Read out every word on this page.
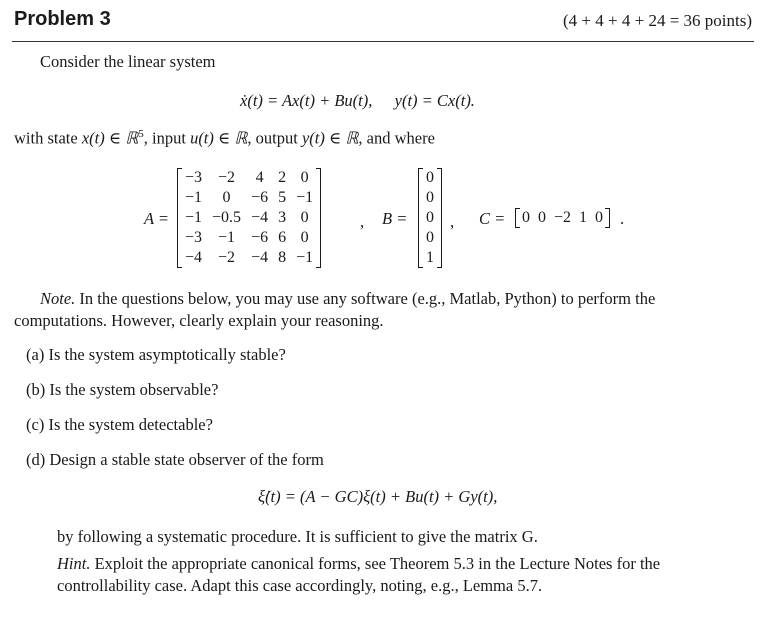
Problem 3	(4 + 4 + 4 + 24 = 36 points)
Consider the linear system
ẋ(t) = Ax(t) + Bu(t), y(t) = Cx(t).
with state x(t) ∈ ℝ$^5$, input u(t) ∈ ℝ, output y(t) ∈ ℝ, and where
A =
−3	−2	4	2	0
−1	0	−6	5	−1
−1	−0.5	−4	3	0
−3	−1	−6	6	0
−4	−2	−4	8	−1
, B =
0
0
0
0
1
, C = 0	0	−2	1	0 .
Note. In the questions below, you may use any software (e.g., Matlab, Python) to perform the
computations. However, clearly explain your reasoning.
(a) Is the system asymptotically stable?
(b) Is the system observable?
(c) Is the system detectable?
(d) Design a stable state observer of the form
ξ̇(t) = (A − GC)ξ(t) + Bu(t) + Gy(t),
by following a systematic procedure. It is sufficient to give the matrix G.
Hint. Exploit the appropriate canonical forms, see Theorem 5.3 in the Lecture Notes for the
controllability case. Adapt this case accordingly, noting, e.g., Lemma 5.7.
